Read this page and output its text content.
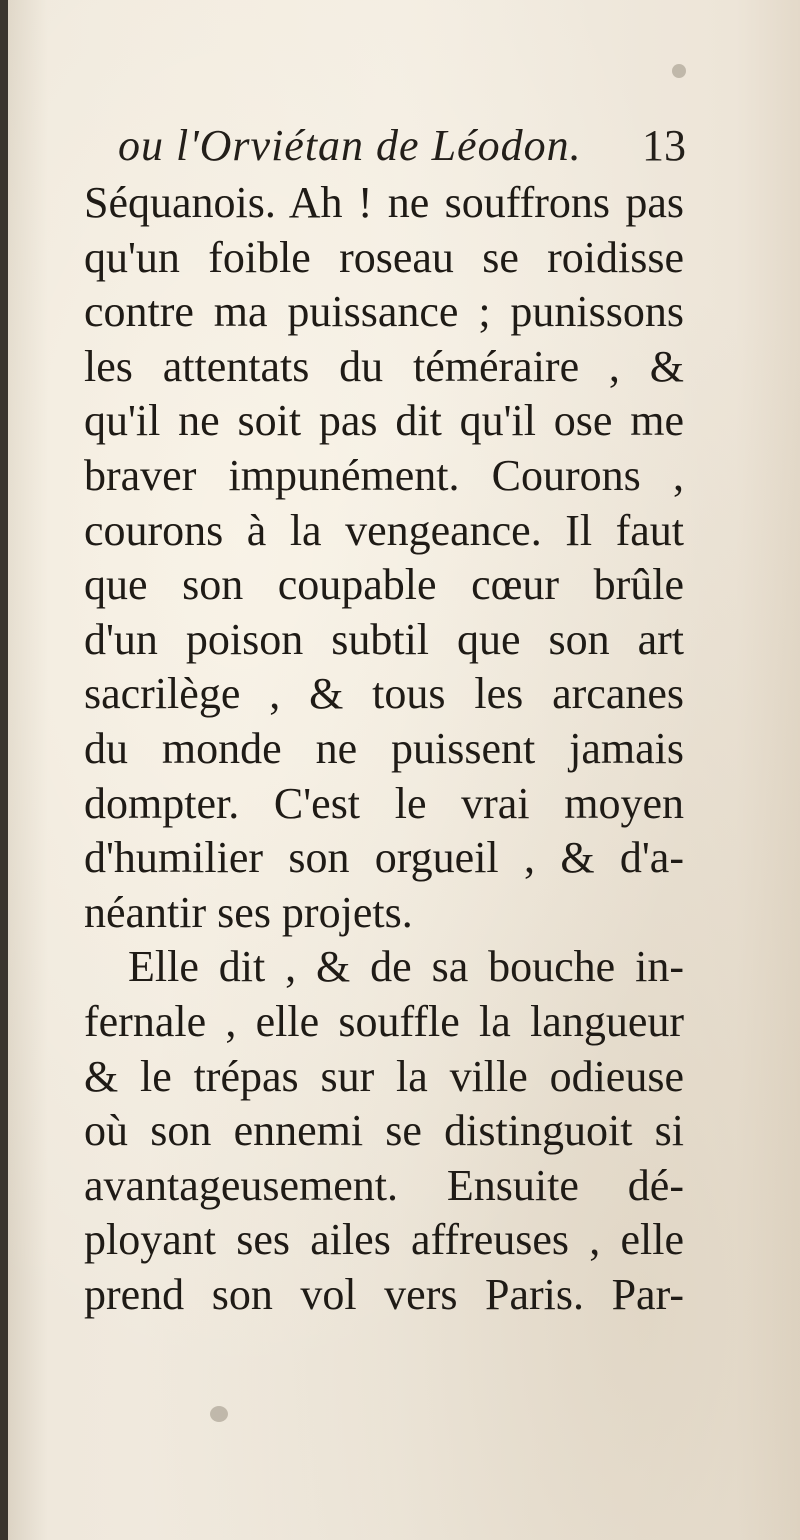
ou l'Orviétan de Léodon.	13
Séquanois. Ah ! ne souffrons pas
qu'un foible roseau se roidisse
contre ma puissance ; punissons
les attentats du téméraire , &
qu'il ne soit pas dit qu'il ose me
braver impunément. Courons ,
courons à la vengeance. Il faut
que son coupable cœur brûle
d'un poison subtil que son art
sacrilège , & tous les arcanes
du monde ne puissent jamais
dompter. C'est le vrai moyen
d'humilier son orgueil , & d'a-
néantir ses projets.
Elle dit , & de sa bouche in-
fernale , elle souffle la langueur
& le trépas sur la ville odieuse
où son ennemi se distinguoit si
avantageusement. Ensuite dé-
ployant ses ailes affreuses , elle
prend son vol vers Paris. Par-
